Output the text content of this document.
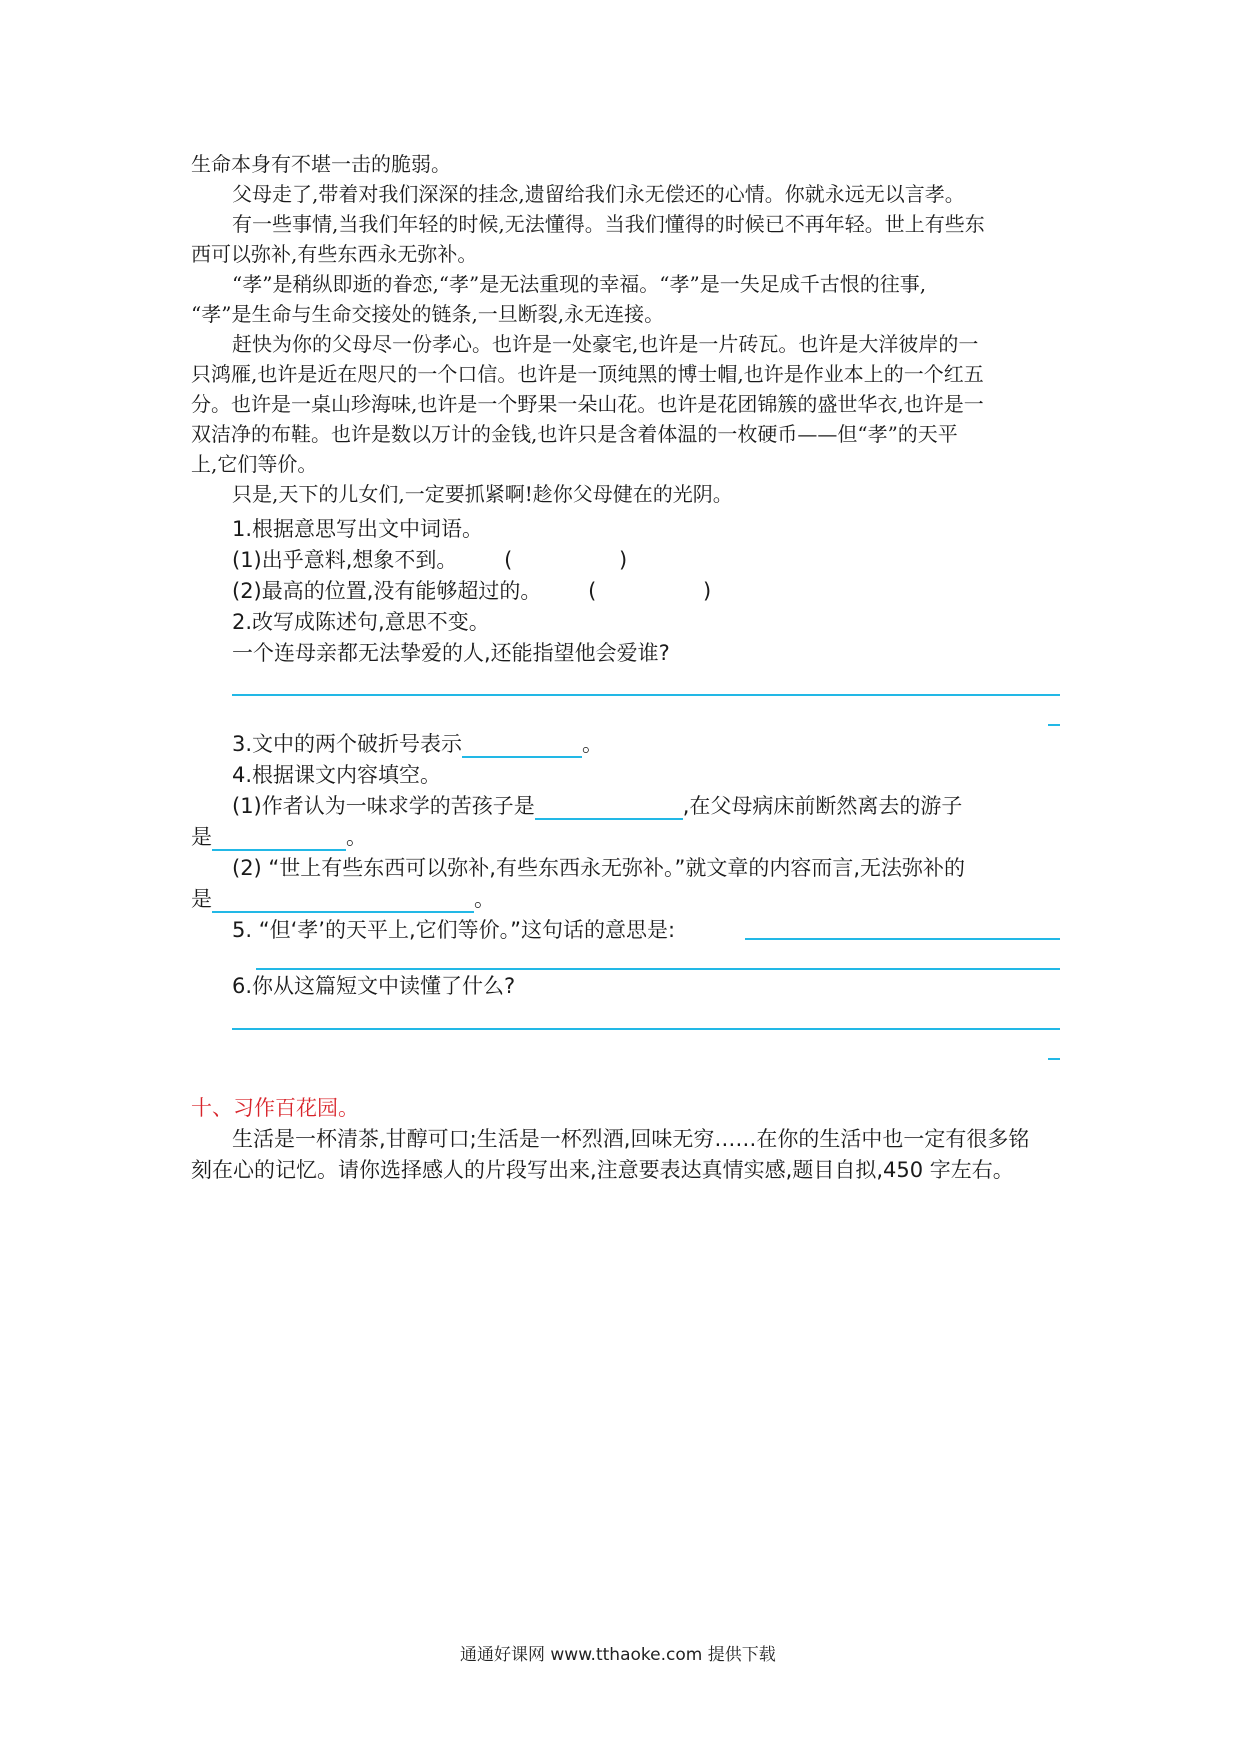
生命本身有不堪一击的脆弱。
父母走了,带着对我们深深的挂念,遗留给我们永无偿还的心情。你就永远无以言孝。
有一些事情,当我们年轻的时候,无法懂得。当我们懂得的时候已不再年轻。世上有些东
西可以弥补,有些东西永无弥补。
“孝”是稍纵即逝的眷恋,“孝”是无法重现的幸福。“孝”是一失足成千古恨的往事,
“孝”是生命与生命交接处的链条,一旦断裂,永无连接。
赶快为你的父母尽一份孝心。也许是一处豪宅,也许是一片砖瓦。也许是大洋彼岸的一
只鸿雁,也许是近在咫尺的一个口信。也许是一顶纯黑的博士帽,也许是作业本上的一个红五
分。也许是一桌山珍海味,也许是一个野果一朵山花。也许是花团锦簇的盛世华衣,也许是一
双洁净的布鞋。也许是数以万计的金钱,也许只是含着体温的一枚硬币——但“孝”的天平
上,它们等价。
只是,天下的儿女们,一定要抓紧啊!趁你父母健在的光阴。
1.根据意思写出文中词语。
(1)出乎意料,想象不到。 (	)
(2)最高的位置,没有能够超过的。 (	)
2.改写成陈述句,意思不变。
一个连母亲都无法挚爱的人,还能指望他会爱谁?
3.文中的两个破折号表示	。
4.根据课文内容填空。
(1)作者认为一味求学的苦孩子是	,在父母病床前断然离去的游子
是	。
(2) “世上有些东西可以弥补,有些东西永无弥补。”就文章的内容而言,无法弥补的
是	。
5. “但‘孝’的天平上,它们等价。”这句话的意思是:
6.你从这篇短文中读懂了什么?
十、习作百花园。
生活是一杯清茶,甘醇可口;生活是一杯烈酒,回味无穷……在你的生活中也一定有很多铭
刻在心的记忆。请你选择感人的片段写出来,注意要表达真情实感,题目自拟,450 字左右。
通通好课网 www.tthaoke.com 提供下载
